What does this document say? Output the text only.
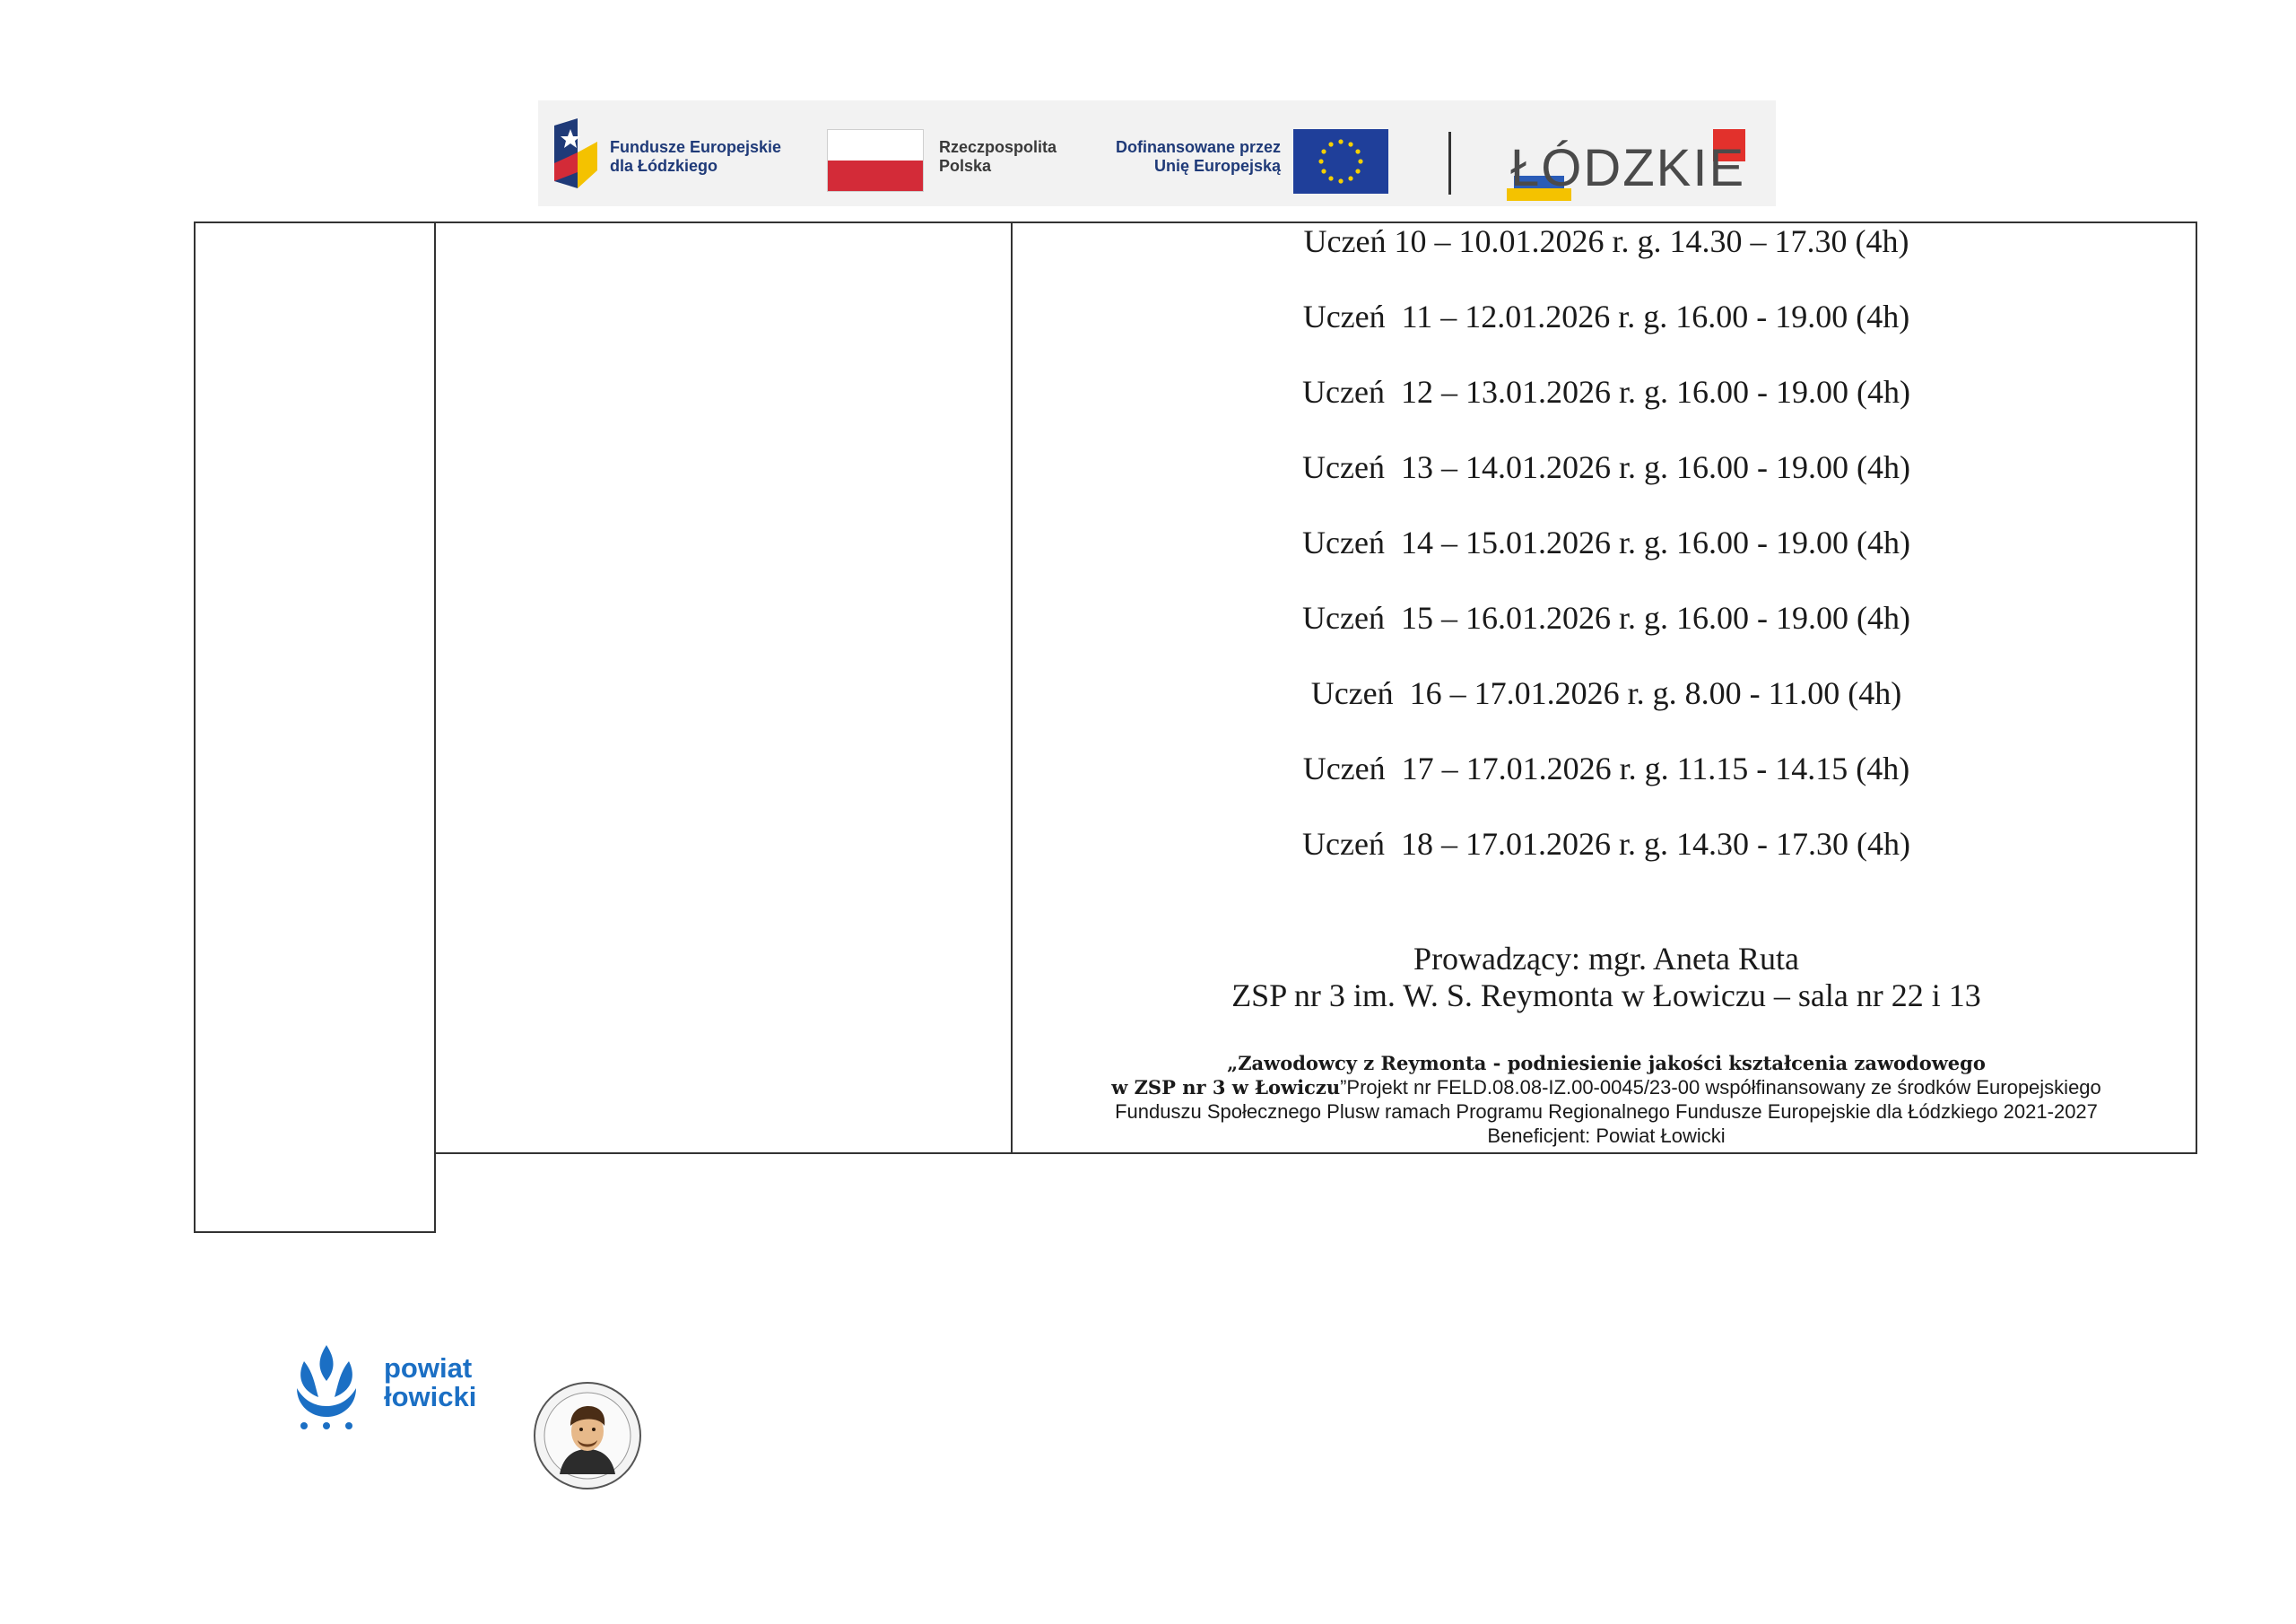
Fundusze Europejskie
dla Łódzkiego
Rzeczpospolita
Polska
Dofinansowane przez
Unię Europejską	ŁÓDZKIE
Uczeń 10 – 10.01.2026 r. g. 14.30 – 17.30 (4h)
Uczeń  11 – 12.01.2026 r. g. 16.00 - 19.00 (4h)
Uczeń  12 – 13.01.2026 r. g. 16.00 - 19.00 (4h)
Uczeń  13 – 14.01.2026 r. g. 16.00 - 19.00 (4h)
Uczeń  14 – 15.01.2026 r. g. 16.00 - 19.00 (4h)
Uczeń  15 – 16.01.2026 r. g. 16.00 - 19.00 (4h)
Uczeń  16 – 17.01.2026 r. g. 8.00 - 11.00 (4h)
Uczeń  17 – 17.01.2026 r. g. 11.15 - 14.15 (4h)
Uczeń  18 – 17.01.2026 r. g. 14.30 - 17.30 (4h)
Prowadzący: mgr. Aneta Ruta
ZSP nr 3 im. W. S. Reymonta w Łowiczu – sala nr 22 i 13
„Zawodowcy z Reymonta - podniesienie jakości kształcenia zawodowego
w ZSP nr 3 w Łowiczu”Projekt nr FELD.08.08-IZ.00-0045/23-00 współfinansowany ze środków Europejskiego
Funduszu Społecznego Plusw ramach Programu Regionalnego Fundusze Europejskie dla Łódzkiego 2021-2027
Beneficjent: Powiat Łowicki
powiat
łowicki
